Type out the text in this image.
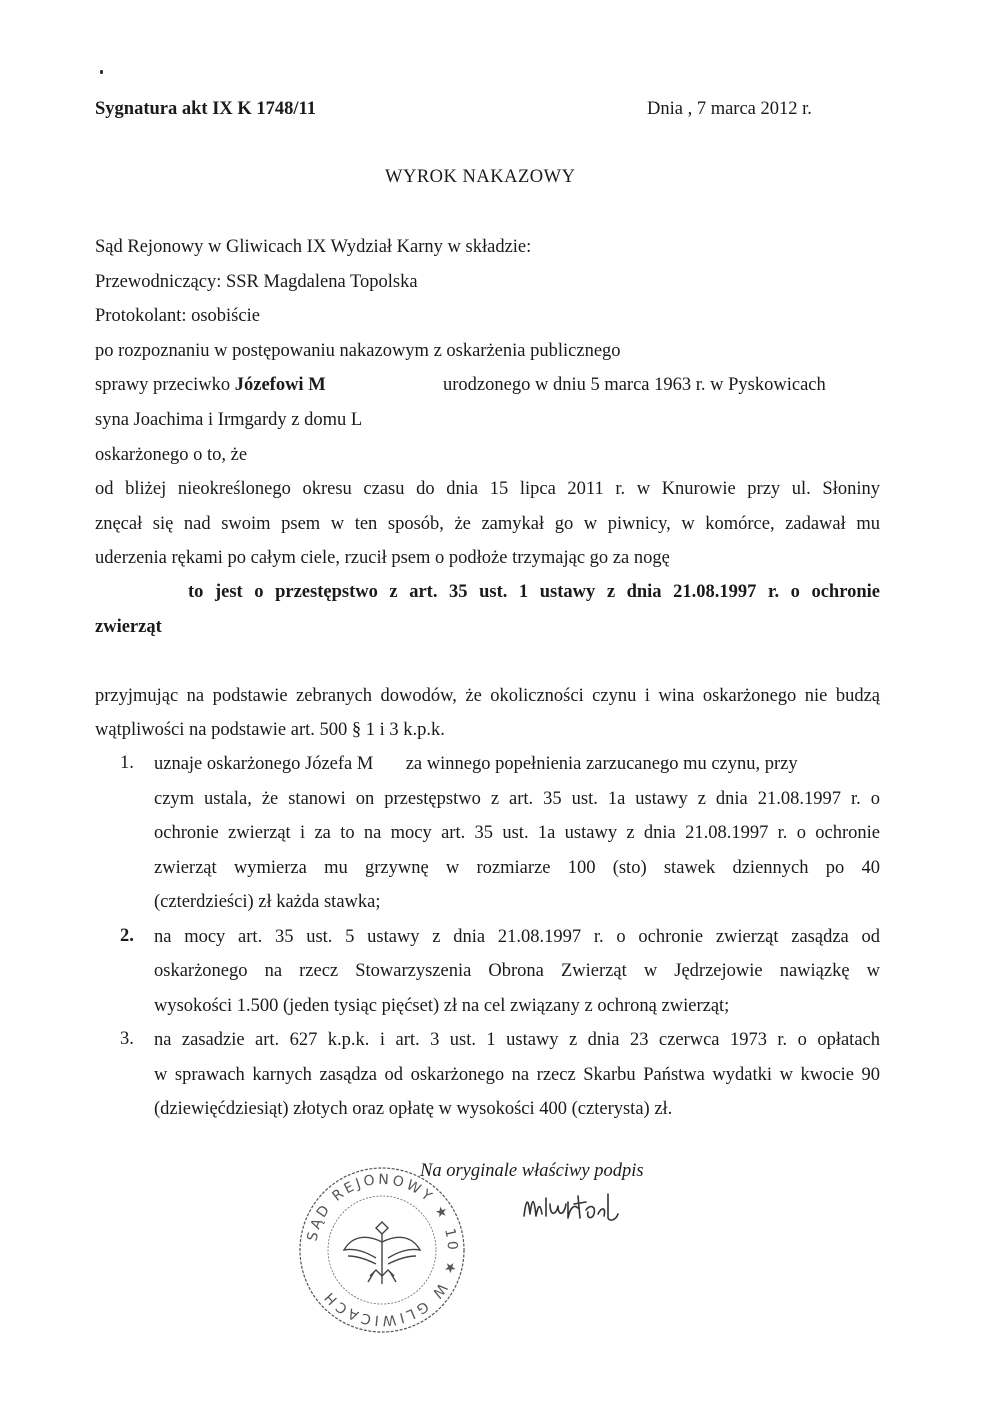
Sygnatura akt IX K 1748/11	Dnia , 7 marca 2012 r.
WYROK NAKAZOWY
Sąd Rejonowy w Gliwicach IX Wydział Karny w składzie:
Przewodniczący: SSR Magdalena Topolska
Protokolant: osobiście
po rozpoznaniu w postępowaniu nakazowym z oskarżenia publicznego
sprawy przeciwko Józefowi M	urodzonego w dniu 5 marca 1963 r. w Pyskowicach
syna Joachima i Irmgardy z domu L
oskarżonego o to, że
od bliżej nieokreślonego okresu czasu do dnia 15 lipca 2011 r. w Knurowie przy ul. Słoniny
znęcał się nad swoim psem w ten sposób, że zamykał go w piwnicy, w komórce, zadawał mu
uderzenia rękami po całym ciele, rzucił psem o podłoże trzymając go za nogę
to jest o przestępstwo z art. 35 ust. 1 ustawy z dnia 21.08.1997 r. o ochronie
zwierząt
przyjmując na podstawie zebranych dowodów, że okoliczności czynu i wina oskarżonego nie budzą
wątpliwości na podstawie art. 500 § 1 i 3 k.p.k.
1. uznaje oskarżonego Józefa M       za winnego popełnienia zarzucanego mu czynu, przy
czym ustala, że stanowi on przestępstwo z art. 35 ust. 1a ustawy z dnia 21.08.1997 r. o
ochronie zwierząt i za to na mocy art. 35 ust. 1a ustawy z dnia 21.08.1997 r. o ochronie
zwierząt wymierza mu grzywnę w rozmiarze 100 (sto) stawek dziennych po 40
(czterdzieści) zł każda stawka;
2. na mocy art. 35 ust. 5 ustawy z dnia 21.08.1997 r. o ochronie zwierząt zasądza od
oskarżonego na rzecz Stowarzyszenia Obrona Zwierząt w Jędrzejowie nawiązkę w
wysokości 1.500 (jeden tysiąc pięćset) zł na cel związany z ochroną zwierząt;
3. na zasadzie art. 627 k.p.k. i art. 3 ust. 1 ustawy z dnia 23 czerwca 1973 r. o opłatach
w sprawach karnych zasądza od oskarżonego na rzecz Skarbu Państwa wydatki w kwocie 90
(dziewięćdziesiąt) złotych oraz opłatę w wysokości 400 (czterysta) zł.
Na oryginale właściwy podpis
SĄD REJONOWY ★ 10 ★ W GLIWICACH
